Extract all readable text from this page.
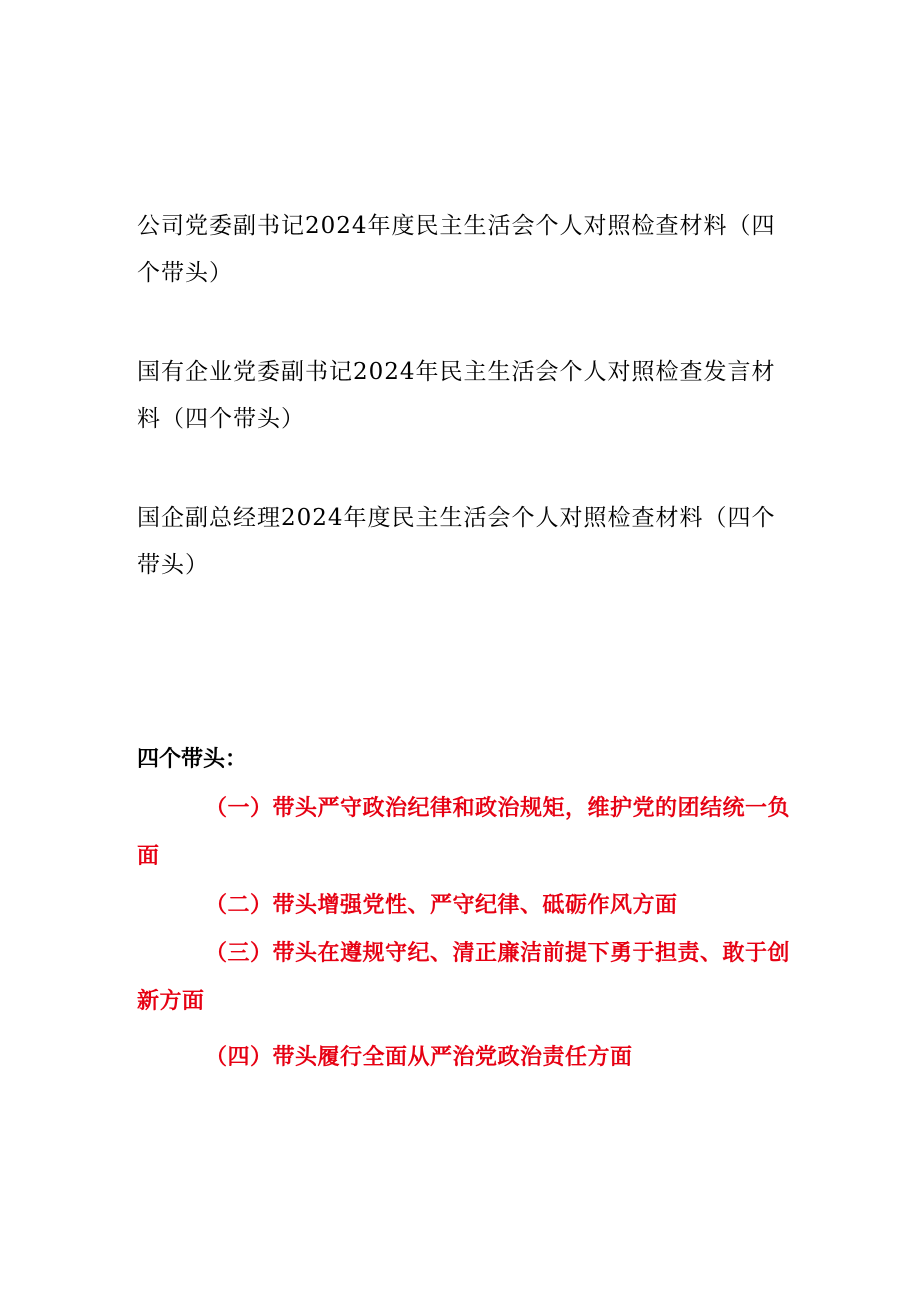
公司党委副书记2024年度民主生活会个人对照检查材料（四个带头）

国有企业党委副书记2024年民主生活会个人对照检查发言材料（四个带头）

国企副总经理2024年度民主生活会个人对照检查材料（四个带头）

四个带头：

（一）带头严守政治纪律和政治规矩，维护党的团结统一负面

（二）带头增强党性、严守纪律、砥砺作风方面

（三）带头在遵规守纪、清正廉洁前提下勇于担责、敢于创新方面

（四）带头履行全面从严治党政治责任方面
